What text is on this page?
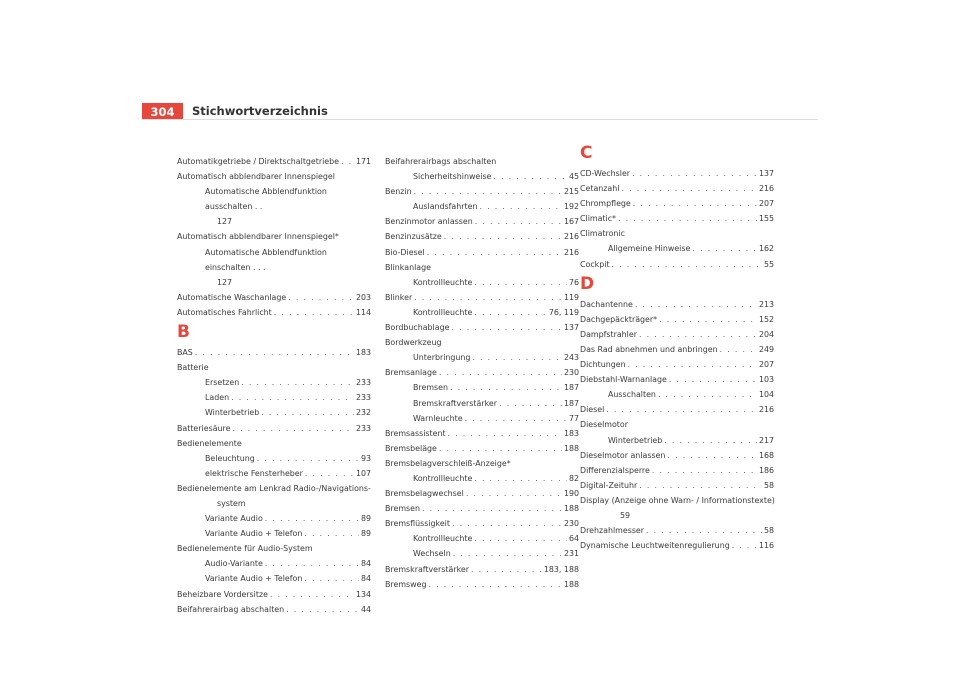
304	Stichwortverzeichnis
Automatikgetriebe / Direktschaltgetriebe . . . 171
Automatisch abblendbarer Innenspiegel
Automatische Abblendfunktion ausschalten . .
127
Automatisch abblendbarer Innenspiegel*
Automatische Abblendfunktion einschalten . . .
127
Automatische Waschanlage . . .	203
Automatisches Fahrlicht . . .	114
B
BAS . . .	183
Batterie
Ersetzen . . .	233
Laden . . .	233
Winterbetrieb . . .	232
Batteriesäure . . .	233
Bedienelemente
Beleuchtung . . .	93
elektrische Fensterheber . . .	107
Bedienelemente am Lenkrad Radio-/Navigations-
system
Variante Audio . . .	89
Variante Audio + Telefon . . .	89
Bedienelemente für Audio-System
Audio-Variante . . .	84
Variante Audio + Telefon . . .	84
Beheizbare Vordersitze . . .	134
Beifahrerairbag abschalten . . .	44
Beifahrerairbags abschalten
Sicherheitshinweise . . .	45
Benzin . . .	215
Auslandsfahrten . . .	192
Benzinmotor anlassen . . .	167
Benzinzusätze . . .	216
Bio-Diesel . . .	216
Blinkanlage
Kontrollleuchte . . .	76
Blinker . . .	119
Kontrollleuchte . . .	76, 119
Bordbuchablage . . .	137
Bordwerkzeug
Unterbringung . . .	243
Bremsanlage . . .	230
Bremsen . . .	187
Bremskraftverstärker . . .	187
Warnleuchte . . .	77
Bremsassistent . . .	183
Bremsbeläge . . .	188
Bremsbelagverschleiß-Anzeige*
Kontrollleuchte . . .	82
Bremsbelagwechsel . . .	190
Bremsen . . .	188
Bremsflüssigkeit . . .	230
Kontrollleuchte . . .	64
Wechseln . . .	231
Bremskraftverstärker . . .	183, 188
Bremsweg . . .	188
C
CD-Wechsler . . .	137
Cetanzahl . . .	216
Chrompflege . . .	207
Climatic* . . .	155
Climatronic
Allgemeine Hinweise . . .	162
Cockpit . . .	55
D
Dachantenne . . .	213
Dachgepäckträger* . . .	152
Dampfstrahler . . .	204
Das Rad abnehmen und anbringen . . .	249
Dichtungen . . .	207
Diebstahl-Warnanlage . . .	103
Ausschalten . . .	104
Diesel . . .	216
Dieselmotor
Winterbetrieb . . .	217
Dieselmotor anlassen . . .	168
Differenzialsperre . . .	186
Digital-Zeituhr . . .	58
Display (Anzeige ohne Warn- / Informationstexte)
59
Drehzahlmesser . . .	58
Dynamische Leuchtweitenregulierung . . .	116
